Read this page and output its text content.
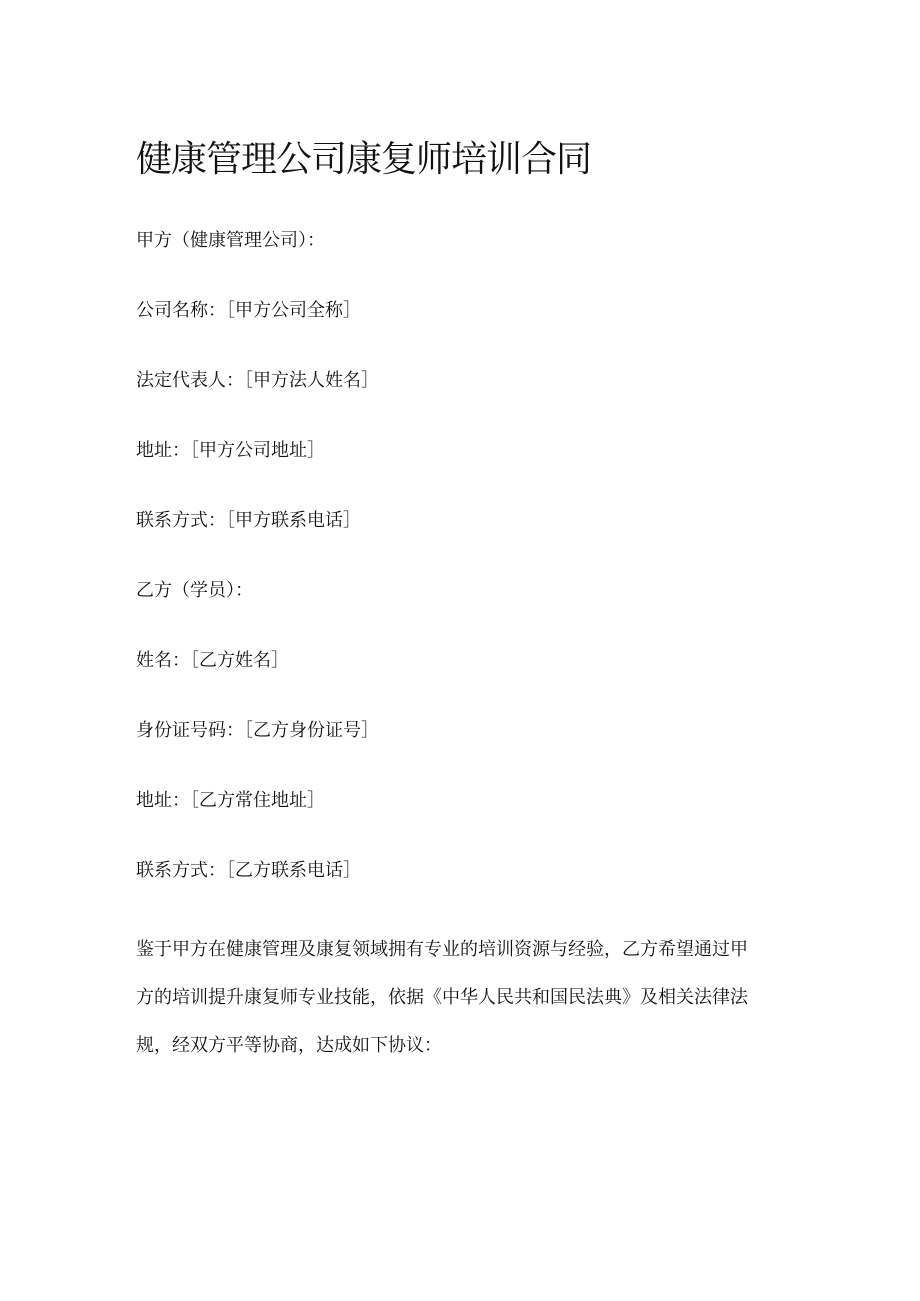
健康管理公司康复师培训合同
甲方（健康管理公司）：
公司名称：［甲方公司全称］
法定代表人：［甲方法人姓名］
地址：［甲方公司地址］
联系方式：［甲方联系电话］
乙方（学员）：
姓名：［乙方姓名］
身份证号码：［乙方身份证号］
地址：［乙方常住地址］
联系方式：［乙方联系电话］
鉴于甲方在健康管理及康复领域拥有专业的培训资源与经验，乙方希望通过甲
方的培训提升康复师专业技能，依据《中华人民共和国民法典》及相关法律法
规，经双方平等协商，达成如下协议：
